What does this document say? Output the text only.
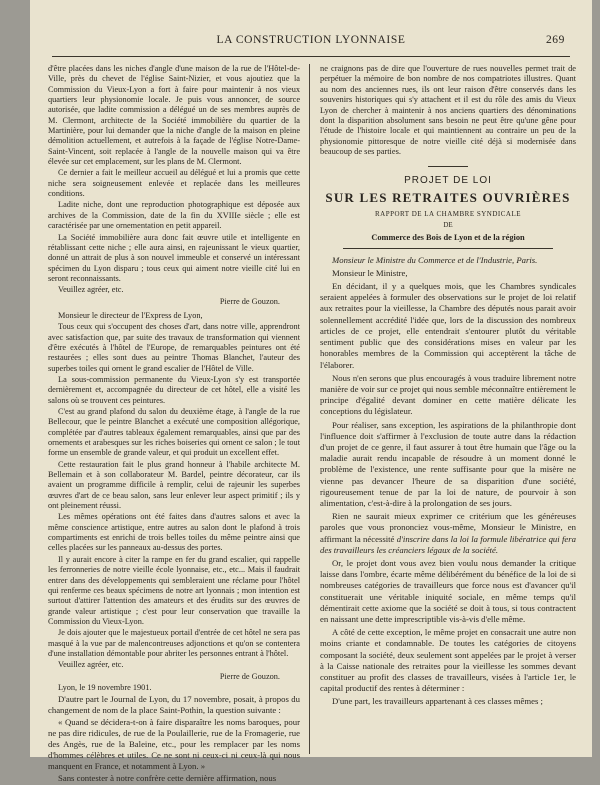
LA CONSTRUCTION LYONNAISE	269

d'être placées dans les niches d'angle d'une maison de la rue de l'Hôtel-de-Ville, près du chevet de l'église Saint-Nizier, et vous ajoutiez que la Commission du Vieux-Lyon a fort à faire pour maintenir à nos vieux quartiers leur physionomie locale. Je puis vous annoncer, de source autorisée, que ladite commission a délégué un de ses membres auprès de M. Clermont, architecte de la Société immobilière du quartier de la Martinière, pour lui demander que la niche d'angle de la maison en pleine démolition actuellement, et autrefois à la façade de l'église Notre-Dame-Saint-Vincent, soit replacée à l'angle de la nouvelle maison qui va être élevée sur cet emplacement, sur les plans de M. Clermont.

Ce dernier a fait le meilleur accueil au délégué et lui a promis que cette niche sera soigneusement enlevée et replacée dans les meilleures conditions.

Ladite niche, dont une reproduction photographique est déposée aux archives de la Commission, date de la fin du XVIIIe siècle ; elle est caractérisée par une ornementation en petit appareil.

La Société immobilière aura donc fait œuvre utile et intelligente en rétablissant cette niche ; elle aura ainsi, en rajeunissant le vieux quartier, donné un attrait de plus à son nouvel immeuble et conservé un intéressant spécimen du Lyon disparu ; tous ceux qui aiment notre vieille cité lui en seront reconnaissants.

Veuillez agréer, etc.

Pierre de Gouzon.

Monsieur le directeur de l'Express de Lyon,

Tous ceux qui s'occupent des choses d'art, dans notre ville, apprendront avec satisfaction que, par suite des travaux de transformation qui viennent d'être exécutés à l'hôtel de l'Europe, de remarquables peintures ont été restaurées ; elles sont dues au peintre Thomas Blanchet, l'auteur des superbes toiles qui ornent le grand escalier de l'Hôtel de Ville.

La sous-commission permanente du Vieux-Lyon s'y est transportée dernièrement et, accompagnée du directeur de cet hôtel, elle a visité les salons où se trouvent ces peintures.

C'est au grand plafond du salon du deuxième étage, à l'angle de la rue Bellecour, que le peintre Blanchet a exécuté une composition allégorique, complétée par d'autres tableaux également remarquables, ainsi que par des ornements et arabesques sur les riches boiseries qui ornent ce salon ; le tout forme un ensemble de grande valeur, et qui produit un excellent effet.

Cette restauration fait le plus grand honneur à l'habile architecte M. Bellemain et à son collaborateur M. Bardel, peintre décorateur, car ils avaient un programme difficile à remplir, celui de rajeunir les superbes œuvres d'art de ce beau salon, sans leur enlever leur aspect primitif ; ils y ont pleinement réussi.

Les mêmes opérations ont été faites dans d'autres salons et avec la même conscience artistique, entre autres au salon dont le plafond à trois compartiments est enrichi de trois belles toiles du même peintre ainsi que celles placées sur les panneaux au-dessus des portes.

Il y aurait encore à citer la rampe en fer du grand escalier, qui rappelle les ferronneries de notre vieille école lyonnaise, etc., etc... Mais il faudrait entrer dans des développements qui sembleraient une réclame pour l'hôtel qui renferme ces beaux spécimens de notre art lyonnais ; mon intention est surtout d'attirer l'attention des amateurs et des érudits sur des œuvres de grande valeur artistique ; c'est pour leur conservation que travaille la Commission du Vieux-Lyon.

Je dois ajouter que le majestueux portail d'entrée de cet hôtel ne sera pas masqué à la vue par de malencontreuses adjonctions et qu'on se contentera d'une installation démontable pour abriter les personnes entrant à l'hôtel.

Veuillez agréer, etc.

Pierre de Gouzon.

Lyon, le 19 novembre 1901.

D'autre part le Journal de Lyon, du 17 novembre, posait, à propos du changement de nom de la place Saint-Pothin, la question suivante :

« Quand se décidera-t-on à faire disparaître les noms baroques, pour ne pas dire ridicules, de rue de la Poulaillerie, rue de la Fromagerie, rue des Angès, rue de la Baleine, etc., pour les remplacer par les noms d'hommes célèbres et utiles. Ce ne sont ni ceux-ci ni ceux-là qui nous manquent en France, et notamment à Lyon. »

Sans contester à notre confrère cette dernière affirmation, nous

ne craignons pas de dire que l'ouverture de rues nouvelles permet trait de perpétuer la mémoire de bon nombre de nos compatriotes illustres. Quant au nom des anciennes rues, ils ont leur raison d'être conservés dans les souvenirs historiques qui s'y attachent et il est du rôle des amis du Vieux Lyon de chercher à maintenir à nos anciens quartiers des dénominations dont la disparition absolument sans besoin ne peut être qu'une gêne pour l'étude de l'histoire locale et qui maintiennent au contraire un peu de la physionomie pittoresque de notre vieille cité déjà si modernisée dans beaucoup de ses parties.

PROJET DE LOI
SUR LES RETRAITES OUVRIÈRES
RAPPORT DE LA CHAMBRE SYNDICALE
DE
Commerce des Bois de Lyon et de la région

Monsieur le Ministre du Commerce et de l'Industrie, Paris.

Monsieur le Ministre,

En décidant, il y a quelques mois, que les Chambres syndicales seraient appelées à formuler des observations sur le projet de loi relatif aux retraites pour la vieillesse, la Chambre des députés nous parait avoir solennellement accrédité l'idée que, lors de la discussion des nombreux articles de ce projet, elle entendrait s'entourer plutôt du véritable sentiment public que des considérations mises en valeur par les honorables membres de la Commission qui acceptèrent la tâche de l'élaborer.

Nous n'en serons que plus encouragés à vous traduire librement notre manière de voir sur ce projet qui nous semble méconnaître entièrement le principe d'égalité devant dominer en cette matière délicate les conceptions du législateur.

Pour réaliser, sans exception, les aspirations de la philanthropie dont l'influence doit s'affirmer à l'exclusion de toute autre dans la rédaction d'un projet de ce genre, il faut assurer à tout être humain que l'âge ou la maladie aurait rendu incapable de résoudre à un moment donné le problème de l'existence, une rente suffisante pour que la misère ne vienne pas devancer l'heure de sa disparition d'une société, rigoureusement tenue de par la loi de nature, de pourvoir à son alimentation, c'est-à-dire à la prolongation de ses jours.

Rien ne saurait mieux exprimer ce critérium que les généreuses paroles que vous prononciez vous-même, Monsieur le Ministre, en affirmant la nécessité d'inscrire dans la loi la formule libératrice qui fera des travailleurs les créanciers légaux de la société.

Or, le projet dont vous avez bien voulu nous demander la critique laisse dans l'ombre, écarte même délibérément du bénéfice de la loi de si nombreuses catégories de travailleurs que force nous est d'avancer qu'il constituerait une véritable iniquité sociale, en même temps qu'il démentirait cette axiome que la société se doit à tous, si tous contractent en naissant une dette imprescriptible vis-à-vis d'elle même.

A côté de cette exception, le même projet en consacrait une autre non moins criante et condamnable. De toutes les catégories de citoyens composant la société, deux seulement sont appelées par le projet à verser à la Caisse nationale des retraites pour la vieillesse les sommes devant constituer au profit des classes de travailleurs, visées à l'article 1er, le capital productif des rentes à déterminer :

D'une part, les travailleurs appartenant à ces classes mêmes ;
